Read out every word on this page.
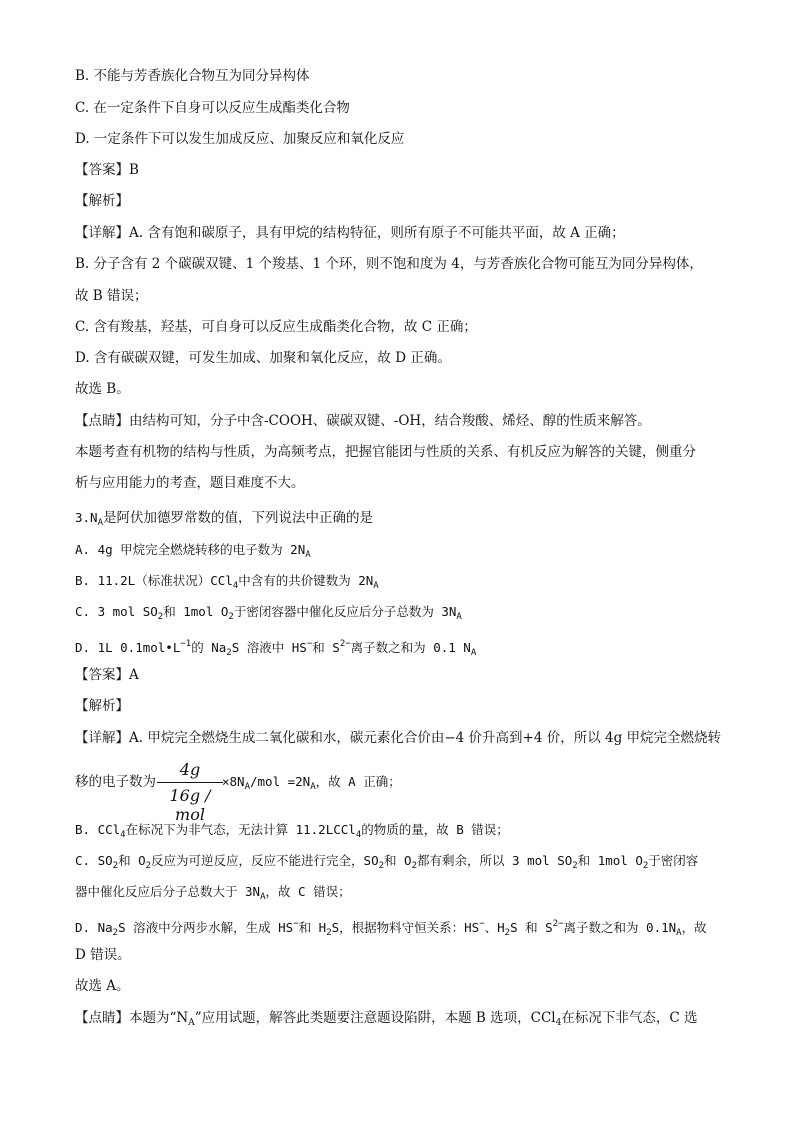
B. 不能与芳香族化合物互为同分异构体
C. 在一定条件下自身可以反应生成酯类化合物
D. 一定条件下可以发生加成反应、加聚反应和氧化反应
【答案】B
【解析】
【详解】A. 含有饱和碳原子，具有甲烷的结构特征，则所有原子不可能共平面，故 A 正确；
B. 分子含有 2 个碳碳双键、1 个羧基、1 个环，则不饱和度为 4，与芳香族化合物可能互为同分异构体，
故 B 错误；
C. 含有羧基，羟基，可自身可以反应生成酯类化合物，故 C 正确；
D. 含有碳碳双键，可发生加成、加聚和氧化反应，故 D 正确。
故选 B。
【点睛】由结构可知，分子中含-COOH、碳碳双键、-OH，结合羧酸、烯烃、醇的性质来解答。
本题考查有机物的结构与性质，为高频考点，把握官能团与性质的关系、有机反应为解答的关键，侧重分
析与应用能力的考查，题目难度不大。
$3.N_A$是阿伏加德罗常数的值，下列说法中正确的是
A. 4g 甲烷完全燃烧转移的电子数为 $2N_A$
B. 11.2L（标准状况）CCl$_4$中含有的共价键数为 $2N_A$
C. 3 mol $SO_2$和 1mol $O_2$于密闭容器中催化反应后分子总数为 $3N_A$
D. 1L $0.1mol•L^{-1}$的 $Na_2S$ 溶液中 HS−和 $S^{2-}$离子数之和为 0.1 $N_A$
【答案】A
【解析】
【详解】A. 甲烷完全燃烧生成二氧化碳和水，碳元素化合价由−4 价升高到+4 价，所以 4g 甲烷完全燃烧转
移的电子数为
4g
16g / mol
$\times 8N_A$/mol $=2N_A$，故 A 正确；
B. CCl$_4$在标况下为非气态，无法计算 11.2LCCl$_4$的物质的量，故 B 错误；
C. $SO_2$和 $O_2$反应为可逆反应，反应不能进行完全，$SO_2$和 $O_2$都有剩余，所以 3 mol $SO_2$和 1mol $O_2$于密闭容
器中催化反应后分子总数大于 $3N_A$，故 C 错误；
D. $Na_2S$ 溶液中分两步水解，生成 HS−和 $H_2S$，根据物料守恒关系：HS−、$H_2S$ 和 $S^{2-}$离子数之和为 $0.1N_A$，故
D 错误。
故选 A。
【点睛】本题为“$N_A$”应用试题，解答此类题要注意题设陷阱，本题 B 选项，CCl$_4$在标况下非气态，C 选
